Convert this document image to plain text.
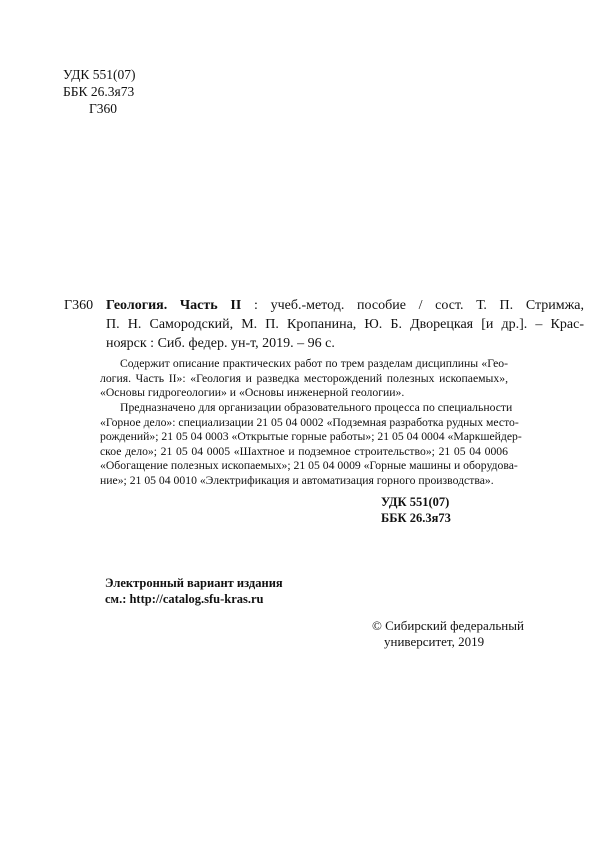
УДК 551(07)
ББК 26.3я73
Г360
Г360 Геология. Часть II : учеб.-метод. пособие / сост. Т. П. Стримжа,
П. Н. Самородский, М. П. Кропанина, Ю. Б. Дворецкая [и др.]. – Крас-
ноярск : Сиб. федер. ун-т, 2019. – 96 с.
Содержит описание практических работ по трем разделам дисциплины «Гео-
логия. Часть II»: «Геология и разведка месторождений полезных ископаемых»,
«Основы гидрогеологии» и «Основы инженерной геологии».
Предназначено для организации образовательного процесса по специальности
«Горное дело»: специализации 21 05 04 0002 «Подземная разработка рудных место-
рождений»; 21 05 04 0003 «Открытые горные работы»; 21 05 04 0004 «Маркшейдер-
ское дело»; 21 05 04 0005 «Шахтное и подземное строительство»; 21 05 04 0006
«Обогащение полезных ископаемых»; 21 05 04 0009 «Горные машины и оборудова-
ние»; 21 05 04 0010 «Электрификация и автоматизация горного производства».
УДК 551(07)
ББК 26.3я73
Электронный вариант издания
см.: http://catalog.sfu-kras.ru
© Сибирский федеральный
университет, 2019
